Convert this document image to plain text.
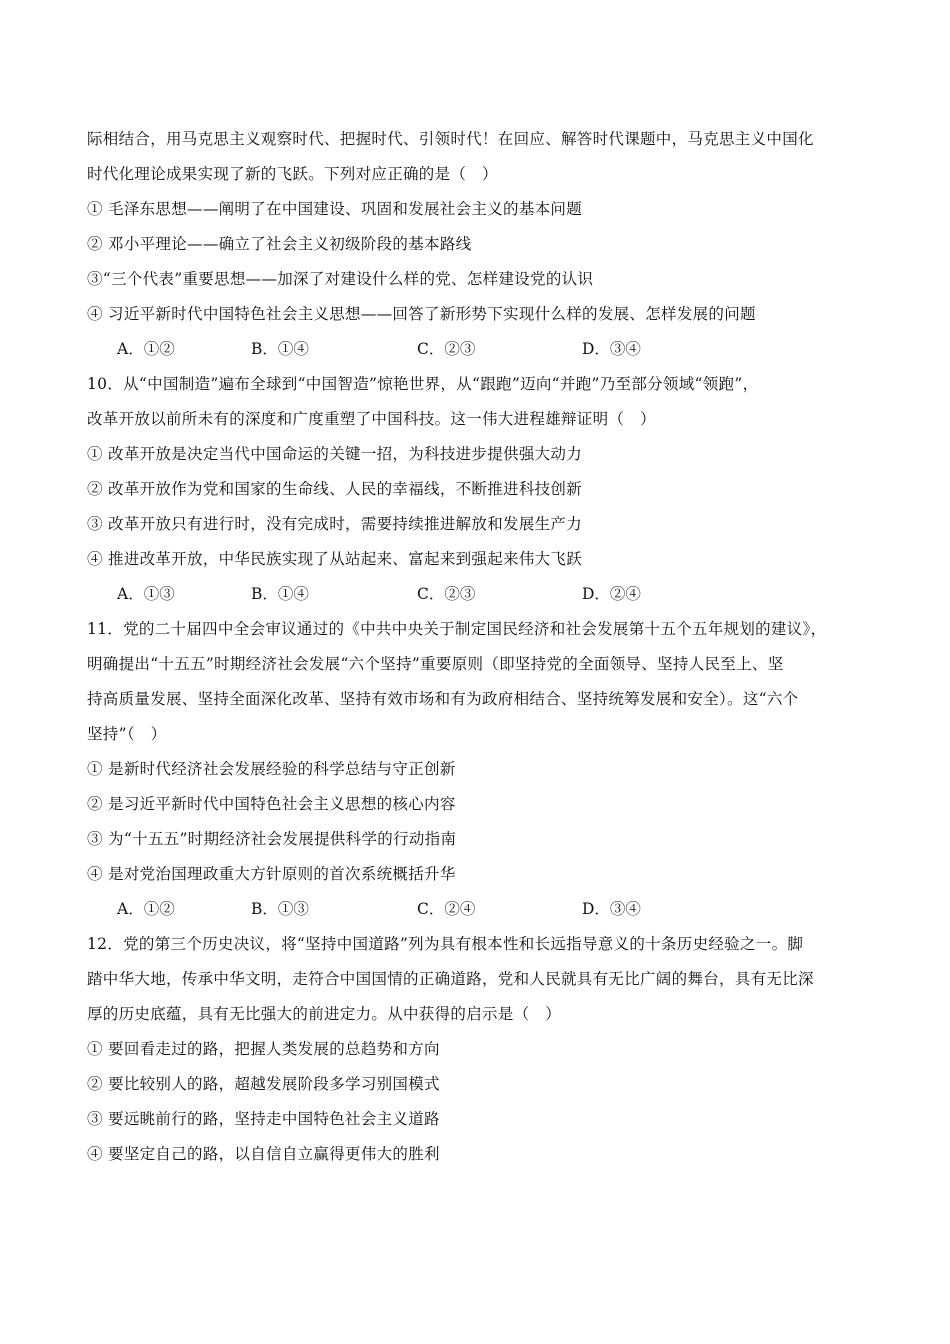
际相结合，用马克思主义观察时代、把握时代、引领时代！在回应、解答时代课题中，马克思主义中国化
时代化理论成果实现了新的飞跃。下列对应正确的是（　）
① 毛泽东思想——阐明了在中国建设、巩固和发展社会主义的基本问题
② 邓小平理论——确立了社会主义初级阶段的基本路线
③“三个代表”重要思想——加深了对建设什么样的党、怎样建设党的认识
④ 习近平新时代中国特色社会主义思想——回答了新形势下实现什么样的发展、怎样发展的问题
A．①②	B．①④	C．②③	D．③④
10．从“中国制造”遍布全球到“中国智造”惊艳世界，从“跟跑”迈向“并跑”乃至部分领域“领跑”，
改革开放以前所未有的深度和广度重塑了中国科技。这一伟大进程雄辩证明（　）
① 改革开放是决定当代中国命运的关键一招，为科技进步提供强大动力
② 改革开放作为党和国家的生命线、人民的幸福线，不断推进科技创新
③ 改革开放只有进行时，没有完成时，需要持续推进解放和发展生产力
④ 推进改革开放，中华民族实现了从站起来、富起来到强起来伟大飞跃
A．①③	B．①④	C．②③	D．②④
11．党的二十届四中全会审议通过的《中共中央关于制定国民经济和社会发展第十五个五年规划的建议》，
明确提出“十五五”时期经济社会发展“六个坚持”重要原则（即坚持党的全面领导、坚持人民至上、坚
持高质量发展、坚持全面深化改革、坚持有效市场和有为政府相结合、坚持统筹发展和安全）。这“六个
坚持”（　）
① 是新时代经济社会发展经验的科学总结与守正创新
② 是习近平新时代中国特色社会主义思想的核心内容
③ 为“十五五”时期经济社会发展提供科学的行动指南
④ 是对党治国理政重大方针原则的首次系统概括升华
A．①②	B．①③	C．②④	D．③④
12．党的第三个历史决议，将“坚持中国道路”列为具有根本性和长远指导意义的十条历史经验之一。脚
踏中华大地，传承中华文明，走符合中国国情的正确道路，党和人民就具有无比广阔的舞台，具有无比深
厚的历史底蕴，具有无比强大的前进定力。从中获得的启示是（　）
① 要回看走过的路，把握人类发展的总趋势和方向
② 要比较别人的路，超越发展阶段多学习别国模式
③ 要远眺前行的路，坚持走中国特色社会主义道路
④ 要坚定自己的路，以自信自立赢得更伟大的胜利
